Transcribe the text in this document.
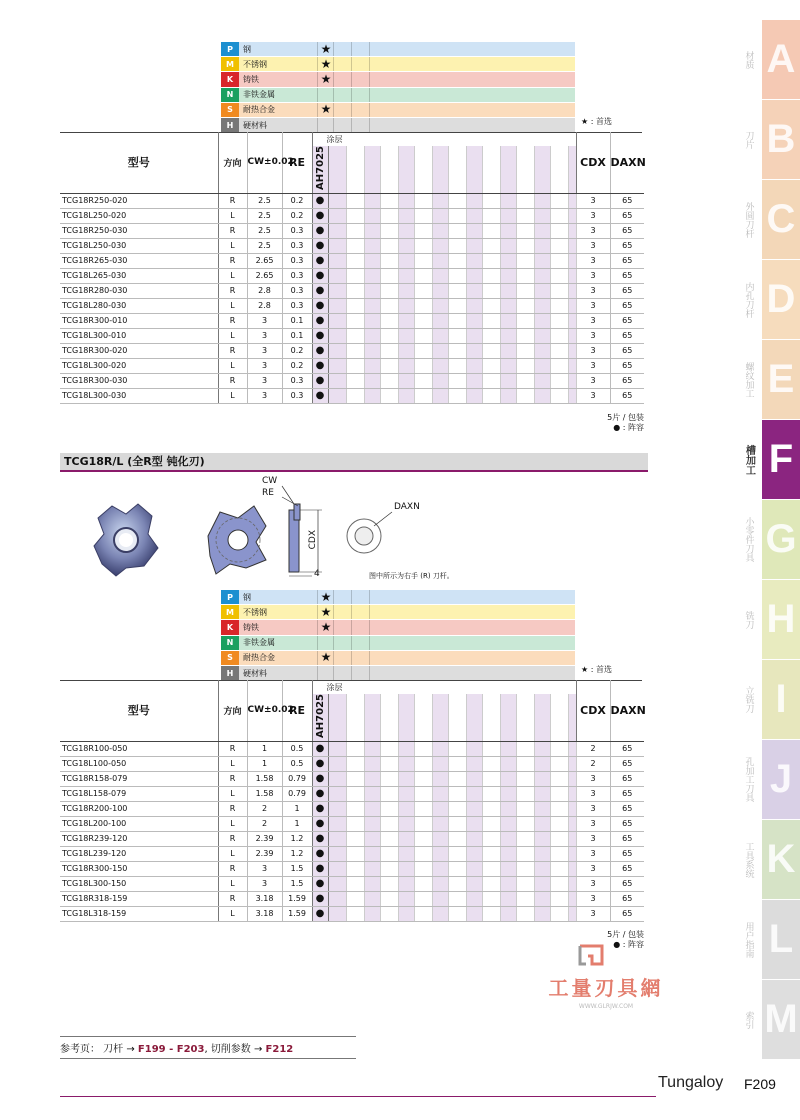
P	钢	★
M	不锈钢	★
K	铸铁	★
N	非铁金属
S	耐热合金	★
H	硬材料	★ : 首选
型号	方向	CW±0.02	RE	涂层																CDX	DAXN
				AH7025																	
TCG18R250-020	R	2.5	0.2	●																3	65
TCG18L250-020	L	2.5	0.2	●																3	65
TCG18R250-030	R	2.5	0.3	●																3	65
TCG18L250-030	L	2.5	0.3	●																3	65
TCG18R265-030	R	2.65	0.3	●																3	65
TCG18L265-030	L	2.65	0.3	●																3	65
TCG18R280-030	R	2.8	0.3	●																3	65
TCG18L280-030	L	2.8	0.3	●																3	65
TCG18R300-010	R	3	0.1	●																3	65
TCG18L300-010	L	3	0.1	●																3	65
TCG18R300-020	R	3	0.2	●																3	65
TCG18L300-020	L	3	0.2	●																3	65
TCG18R300-030	R	3	0.3	●																3	65
TCG18L300-030	L	3	0.3	●																3	65
5片 / 包装
● : 阵容
TCG18R/L (全R型 钝化刃)
CW
RE
CDX
4
DAXN
图中所示为右手 (R) 刀杆。
P	钢	★
M	不锈钢	★
K	铸铁	★
N	非铁金属
S	耐热合金	★
H	硬材料	★ : 首选
型号	方向	CW±0.02	RE	涂层																CDX	DAXN
				AH7025																	
TCG18R100-050	R	1	0.5	●																2	65
TCG18L100-050	L	1	0.5	●																2	65
TCG18R158-079	R	1.58	0.79	●																3	65
TCG18L158-079	L	1.58	0.79	●																3	65
TCG18R200-100	R	2	1	●																3	65
TCG18L200-100	L	2	1	●																3	65
TCG18R239-120	R	2.39	1.2	●																3	65
TCG18L239-120	L	2.39	1.2	●																3	65
TCG18R300-150	R	3	1.5	●																3	65
TCG18L300-150	L	3	1.5	●																3	65
TCG18R318-159	R	3.18	1.59	●																3	65
TCG18L318-159	L	3.18	1.59	●																3	65
5片 / 包装
● : 阵容
工量刃具網
WWW.GLRJW.COM
材质 A
刀片 B
外圆刀杆 C
内孔刀杆 D
螺纹加工 E
槽加工 F
小零件刀具 G
铣刀 H
立铣刀 I
孔加工刀具 J
工具系统 K
用户指南 L
索引 M
参考页： 刀杆 → F199 - F203, 切削参数 → F212
Tungaloy F209
